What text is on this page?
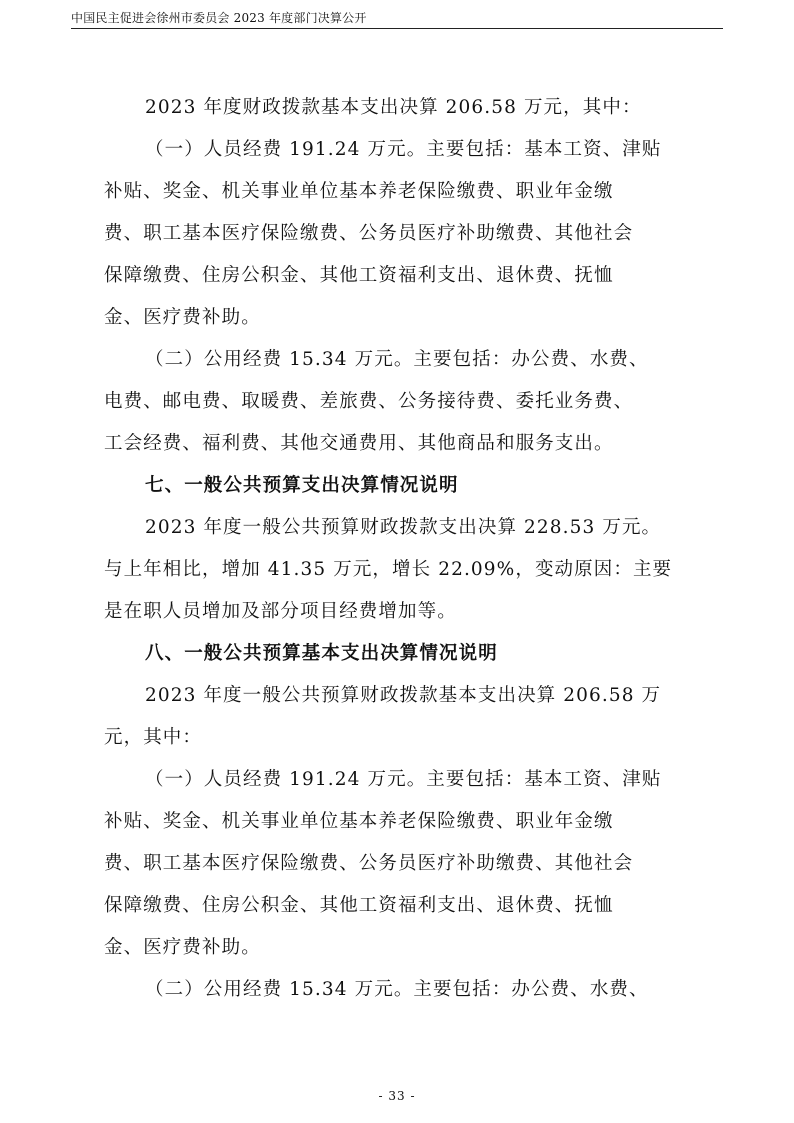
中国民主促进会徐州市委员会 2023 年度部门决算公开
2023 年度财政拨款基本支出决算 206.58 万元，其中：
（一）人员经费 191.24 万元。主要包括：基本工资、津贴
补贴、奖金、机关事业单位基本养老保险缴费、职业年金缴
费、职工基本医疗保险缴费、公务员医疗补助缴费、其他社会
保障缴费、住房公积金、其他工资福利支出、退休费、抚恤
金、医疗费补助。
（二）公用经费 15.34 万元。主要包括：办公费、水费、
电费、邮电费、取暖费、差旅费、公务接待费、委托业务费、
工会经费、福利费、其他交通费用、其他商品和服务支出。
七、一般公共预算支出决算情况说明
2023 年度一般公共预算财政拨款支出决算 228.53 万元。
与上年相比，增加 41.35 万元，增长 22.09%，变动原因：主要
是在职人员增加及部分项目经费增加等。
八、一般公共预算基本支出决算情况说明
2023 年度一般公共预算财政拨款基本支出决算 206.58 万
元，其中：
（一）人员经费 191.24 万元。主要包括：基本工资、津贴
补贴、奖金、机关事业单位基本养老保险缴费、职业年金缴
费、职工基本医疗保险缴费、公务员医疗补助缴费、其他社会
保障缴费、住房公积金、其他工资福利支出、退休费、抚恤
金、医疗费补助。
（二）公用经费 15.34 万元。主要包括：办公费、水费、
- 33 -
